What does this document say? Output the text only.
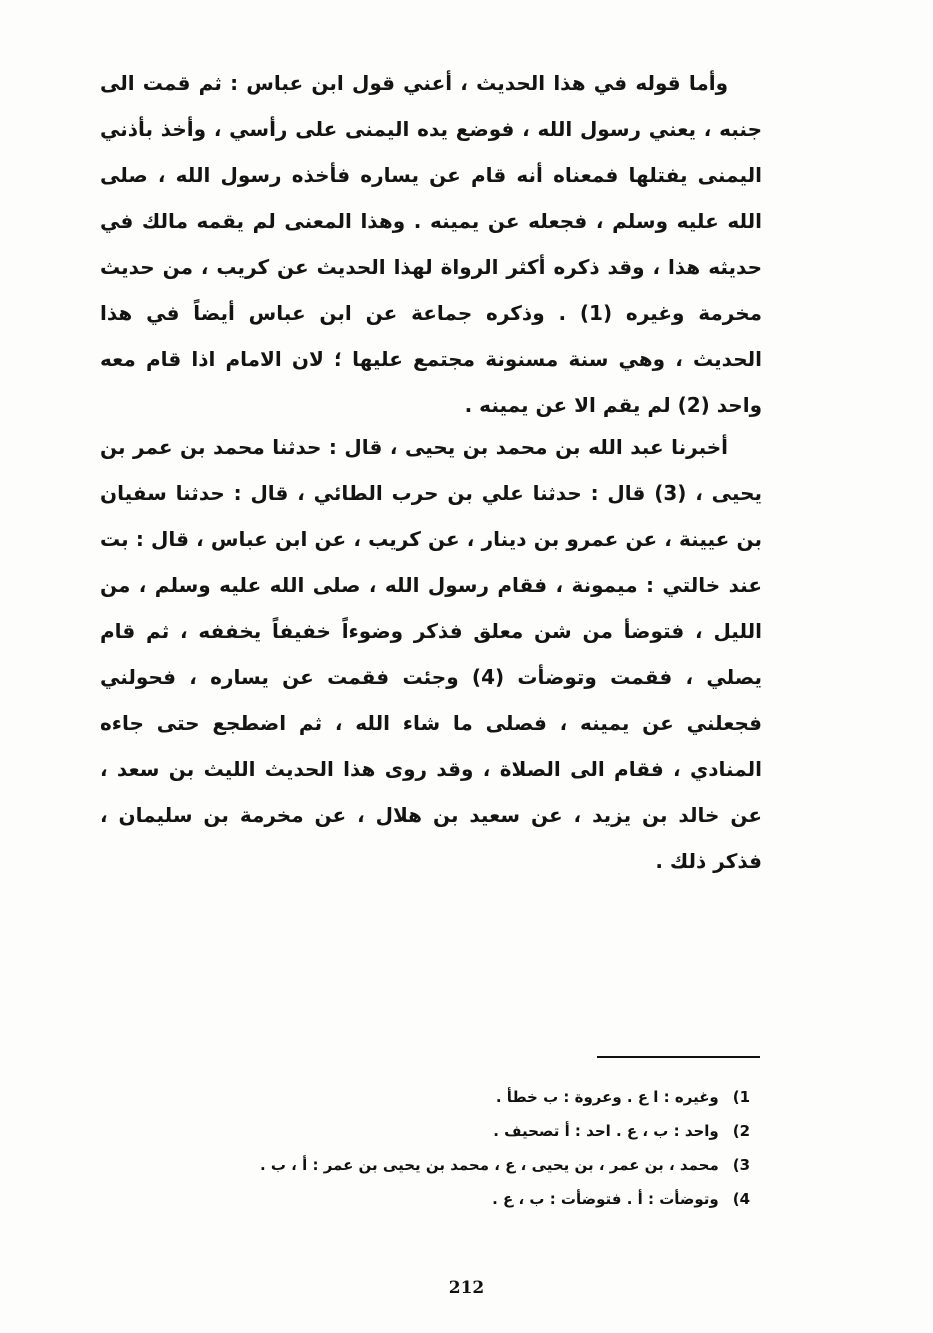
وأما قوله في هذا الحديث ، أعني قول ابن عباس : ثم قمت الى جنبه ، يعني رسول الله ، فوضع يده اليمنى على رأسي ، وأخذ بأذني اليمنى يفتلها فمعناه أنه قام عن يساره فأخذه رسول الله ، صلى الله عليه وسلم ، فجعله عن يمينه . وهذا المعنى لم يقمه مالك في حديثه هذا ، وقد ذكره أكثر الرواة لهذا الحديث عن كريب ، من حديث مخرمة وغيره (1) . وذكره جماعة عن ابن عباس أيضاً في هذا الحديث ، وهي سنة مسنونة مجتمع عليها ؛ لان الامام اذا قام معه واحد (2) لم يقم الا عن يمينه .
أخبرنا عبد الله بن محمد بن يحيى ، قال : حدثنا محمد بن عمر بن يحيى ، (3) قال : حدثنا علي بن حرب الطائي ، قال : حدثنا سفيان بن عيينة ، عن عمرو بن دينار ، عن كريب ، عن ابن عباس ، قال : بت عند خالتي : ميمونة ، فقام رسول الله ، صلى الله عليه وسلم ، من الليل ، فتوضأ من شن معلق فذكر وضوءاً خفيفاً يخففه ، ثم قام يصلي ، فقمت وتوضأت (4) وجئت فقمت عن يساره ، فحولني فجعلني عن يمينه ، فصلى ما شاء الله ، ثم اضطجع حتى جاءه المنادي ، فقام الى الصلاة ، وقد روى هذا الحديث الليث بن سعد ، عن خالد بن يزيد ، عن سعيد بن هلال ، عن مخرمة بن سليمان ، فذكر ذلك .
1) وغيره : ا ع . وعروة : ب خطأ .
2) واحد : ب ، ع . احد : أ تصحيف .
3) محمد ، بن عمر ، بن يحيى ، ع ، محمد بن يحيى بن عمر : أ ، ب .
4) وتوضأت : أ . فتوضأت : ب ، ع .
212
